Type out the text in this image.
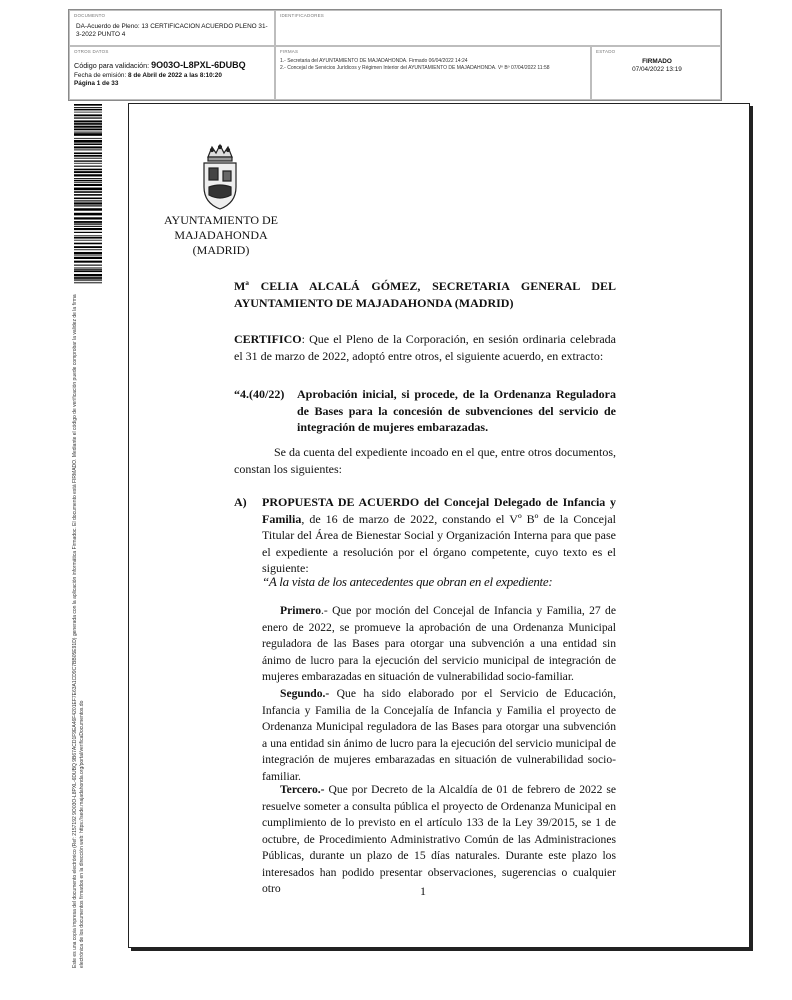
DOCUMENTO
DA-Acuerdo de Pleno: 13 CERTIFICACION ACUERDO PLENO 31-3-2022 PUNTO 4
IDENTIFICADORES
OTROS DATOS
Código para validación: 9O03O-L8PXL-6DUBQ
Fecha de emisión: 8 de Abril de 2022 a las 8:10:20
Página 1 de 33
FIRMAS
1.- Secretaria del AYUNTAMIENTO DE MAJADAHONDA. Firmado 06/04/2022 14:24
2.- Concejal de Servicios Jurídicos y Régimen Interior del AYUNTAMIENTO DE MAJADAHONDA. Vº Bº 07/04/2022 11:58
ESTADO
FIRMADO
07/04/2022 13:19
Este es una copia impresa del documento electrónico (Ref: 2157192 9O03O-L8PXL-6DUBQ 9B67ACD1F9EA46F4201EF7E63A1CD9C7BB05E91D) generada con la aplicación informática Firmadoc. El documento está FIRMADO. Mediante el código de verificación puede comprobar la validez de la firma electrónica de los documentos firmados en la dirección web: https://sede.majadahonda.org/portal/verificaDocumentos.do
AYUNTAMIENTO DE
MAJADAHONDA
(MADRID)
Mª CELIA ALCALÁ GÓMEZ, SECRETARIA GENERAL DEL AYUNTAMIENTO DE MAJADAHONDA (MADRID)
CERTIFICO: Que el Pleno de la Corporación, en sesión ordinaria celebrada el 31 de marzo de 2022, adoptó entre otros, el siguiente acuerdo, en extracto:
“4.(40/22)	Aprobación inicial, si procede, de la Ordenanza Reguladora de Bases para la concesión de subvenciones del servicio de integración de mujeres embarazadas.
Se da cuenta del expediente incoado en el que, entre otros documentos, constan los siguientes:
A)	PROPUESTA DE ACUERDO del Concejal Delegado de Infancia y Familia, de 16 de marzo de 2022, constando el Vº Bº de la Concejal Titular del Área de Bienestar Social y Organización Interna para que pase el expediente a resolución por el órgano competente, cuyo texto es el siguiente:
“A la vista de los antecedentes que obran en el expediente:
Primero.- Que por moción del Concejal de Infancia y Familia, 27 de enero de 2022, se promueve la aprobación de una Ordenanza Municipal reguladora de las Bases para otorgar una subvención a una entidad sin ánimo de lucro para la ejecución del servicio municipal de integración de mujeres embarazadas en situación de vulnerabilidad socio-familiar.
Segundo.- Que ha sido elaborado por el Servicio de Educación, Infancia y Familia de la Concejalía de Infancia y Familia el proyecto de Ordenanza Municipal reguladora de las Bases para otorgar una subvención a una entidad sin ánimo de lucro para la ejecución del servicio municipal de integración de mujeres embarazadas en situación de vulnerabilidad socio-familiar.
Tercero.- Que por Decreto de la Alcaldía de 01 de febrero de 2022 se resuelve someter a consulta pública el proyecto de Ordenanza Municipal en cumplimiento de lo previsto en el artículo 133 de la Ley 39/2015, se 1 de octubre, de Procedimiento Administrativo Común de las Administraciones Públicas, durante un plazo de 15 días naturales. Durante este plazo los interesados han podido presentar observaciones, sugerencias o cualquier otro	1
